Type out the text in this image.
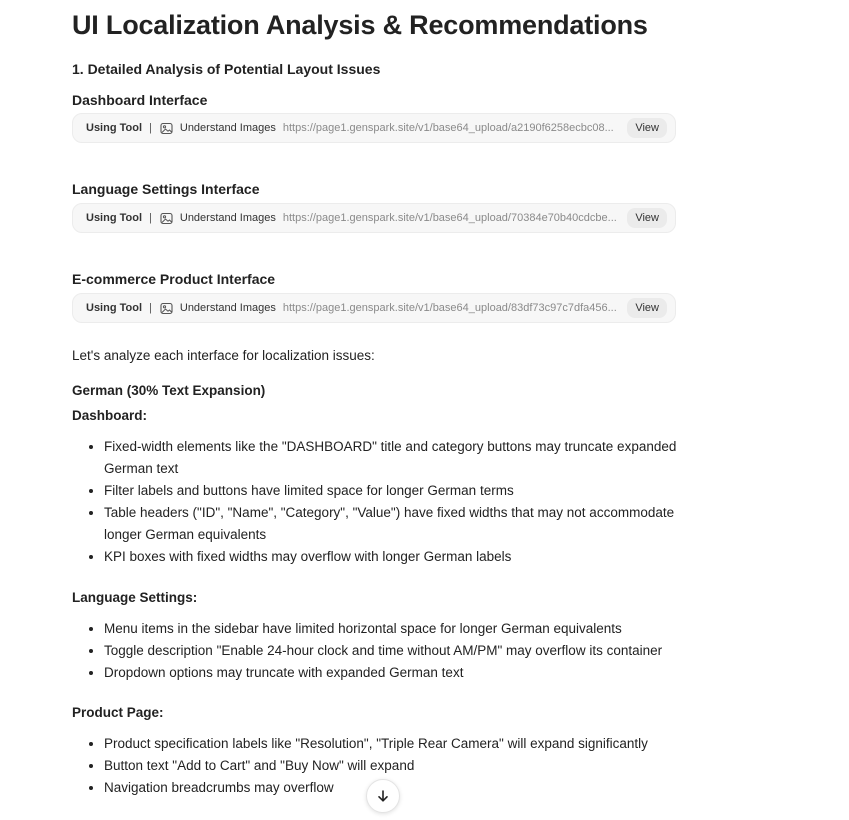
UI Localization Analysis & Recommendations
1. Detailed Analysis of Potential Layout Issues
Dashboard Interface
Using Tool |	Understand Images https://page1.genspark.site/v1/base64_upload/a2190f6258ecbc08...	View
Language Settings Interface
Using Tool |	Understand Images https://page1.genspark.site/v1/base64_upload/70384e70b40cdcbe...	View
E-commerce Product Interface
Using Tool |	Understand Images https://page1.genspark.site/v1/base64_upload/83df73c97c7dfa456...	View
Let's analyze each interface for localization issues:
German (30% Text Expansion)
Dashboard:
• Fixed-width elements like the "DASHBOARD" title and category buttons may truncate expanded German text
• Filter labels and buttons have limited space for longer German terms
• Table headers ("ID", "Name", "Category", "Value") have fixed widths that may not accommodate longer German equivalents
• KPI boxes with fixed widths may overflow with longer German labels
Language Settings:
• Menu items in the sidebar have limited horizontal space for longer German equivalents
• Toggle description "Enable 24-hour clock and time without AM/PM" may overflow its container
• Dropdown options may truncate with expanded German text
Product Page:
• Product specification labels like "Resolution", "Triple Rear Camera" will expand significantly
• Button text "Add to Cart" and "Buy Now" will expand
• Navigation breadcrumbs may overflow
